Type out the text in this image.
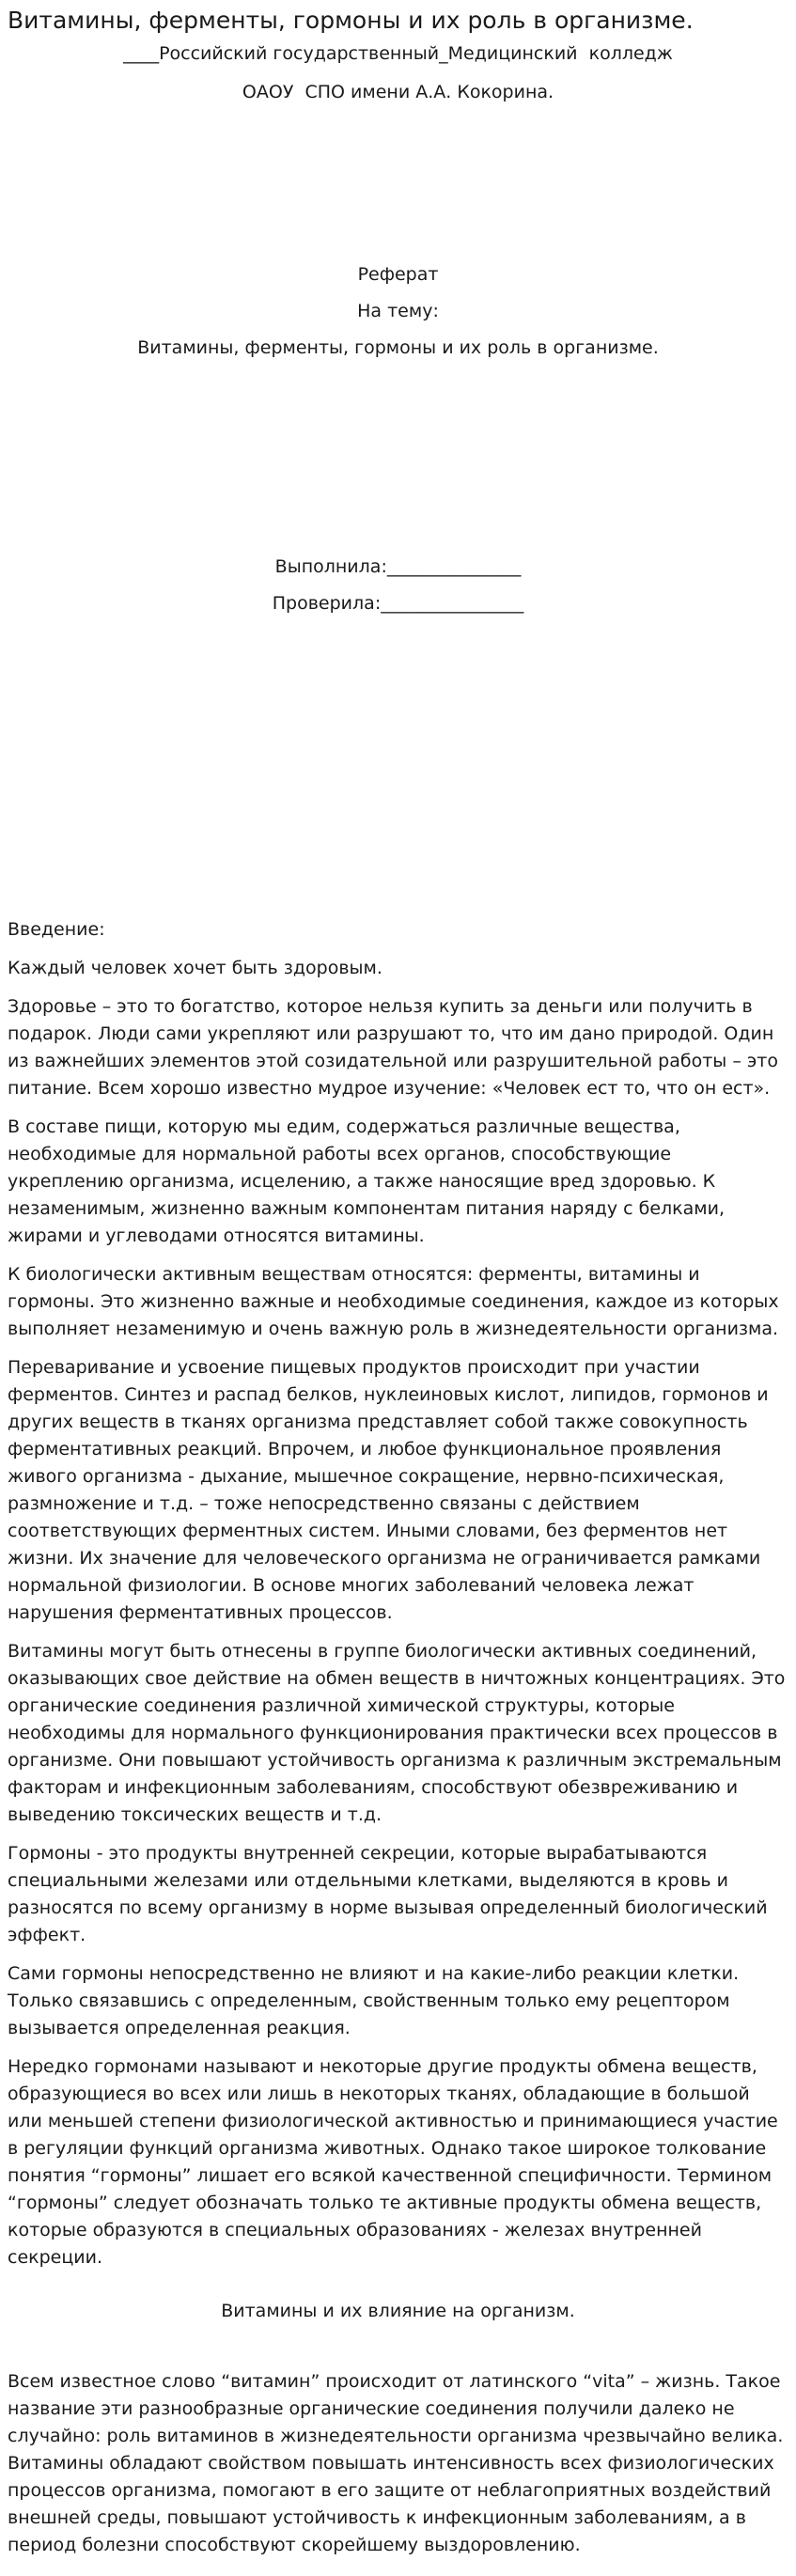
Витамины, ферменты, гормоны и их роль в организме.
____Российский государственный_Медицинский  колледж
ОАОУ  СПО имени А.А. Кокорина.
Реферат
На тему:
Витамины, ферменты, гормоны и их роль в организме.
Выполнила:_______________
Проверила:________________

Введение:

Каждый человек хочет быть здоровым.

Здоровье – это то богатство, которое нельзя купить за деньги или получить в подарок. Люди сами укрепляют или разрушают то, что им дано природой. Один из важнейших элементов этой созидательной или разрушительной работы – это питание. Всем хорошо известно мудрое изучение: «Человек ест то, что он ест».

В составе пищи, которую мы едим, содержаться различные вещества, необходимые для нормальной работы всех органов, способствующие укреплению организма, исцелению, а также наносящие вред здоровью. К незаменимым, жизненно важным компонентам питания наряду с белками, жирами и углеводами относятся витамины.

К биологически активным веществам относятся: ферменты, витамины и гормоны. Это жизненно важные и необходимые соединения, каждое из которых выполняет незаменимую и очень важную роль в жизнедеятельности организма.

Переваривание и усвоение пищевых продуктов происходит при участии ферментов. Синтез и распад белков, нуклеиновых кислот, липидов, гормонов и других веществ в тканях организма представляет собой также совокупность ферментативных реакций. Впрочем, и любое функциональное проявления живого организма - дыхание, мышечное сокращение, нервно-психическая, размножение и т.д. – тоже непосредственно связаны с действием соответствующих ферментных систем. Иными словами, без ферментов нет жизни. Их значение для человеческого организма не ограничивается рамками нормальной физиологии. В основе многих заболеваний человека лежат нарушения ферментативных процессов.

Витамины могут быть отнесены в группе биологически активных соединений, оказывающих свое действие на обмен веществ в ничтожных концентрациях. Это органические соединения различной химической структуры, которые необходимы для нормального функционирования практически всех процессов в организме. Они повышают устойчивость организма к различным экстремальным факторам и инфекционным заболеваниям, способствуют обезвреживанию и выведению токсических веществ и т.д.

Гормоны - это продукты внутренней секреции, которые вырабатываются специальными железами или отдельными клетками, выделяются в кровь и разносятся по всему организму в норме вызывая определенный биологический эффект.

Сами гормоны непосредственно не влияют и на какие-либо реакции клетки. Только связавшись с определенным, свойственным только ему рецептором вызывается определенная реакция.

Нередко гормонами называют и некоторые другие продукты обмена веществ, образующиеся во всех или лишь в некоторых тканях, обладающие в большой или меньшей степени физиологической активностью и принимающиеся участие в регуляции функций организма животных. Однако такое широкое толкование понятия “гормоны” лишает его всякой качественной специфичности. Термином “гормоны” следует обозначать только те активные продукты обмена веществ, которые образуются в специальных образованиях - железах внутренней секреции.

Витамины и их влияние на организм.

Всем известное слово “витамин” происходит от латинского “vita” – жизнь. Такое название эти разнообразные органические соединения получили далеко не случайно: роль витаминов в жизнедеятельности организма чрезвычайно велика. Витамины обладают свойством повышать интенсивность всех физиологических процессов организма, помогают в его защите от неблагоприятных воздействий внешней среды, повышают устойчивость к инфекционным заболеваниям, а в период болезни способствуют скорейшему выздоровлению.
